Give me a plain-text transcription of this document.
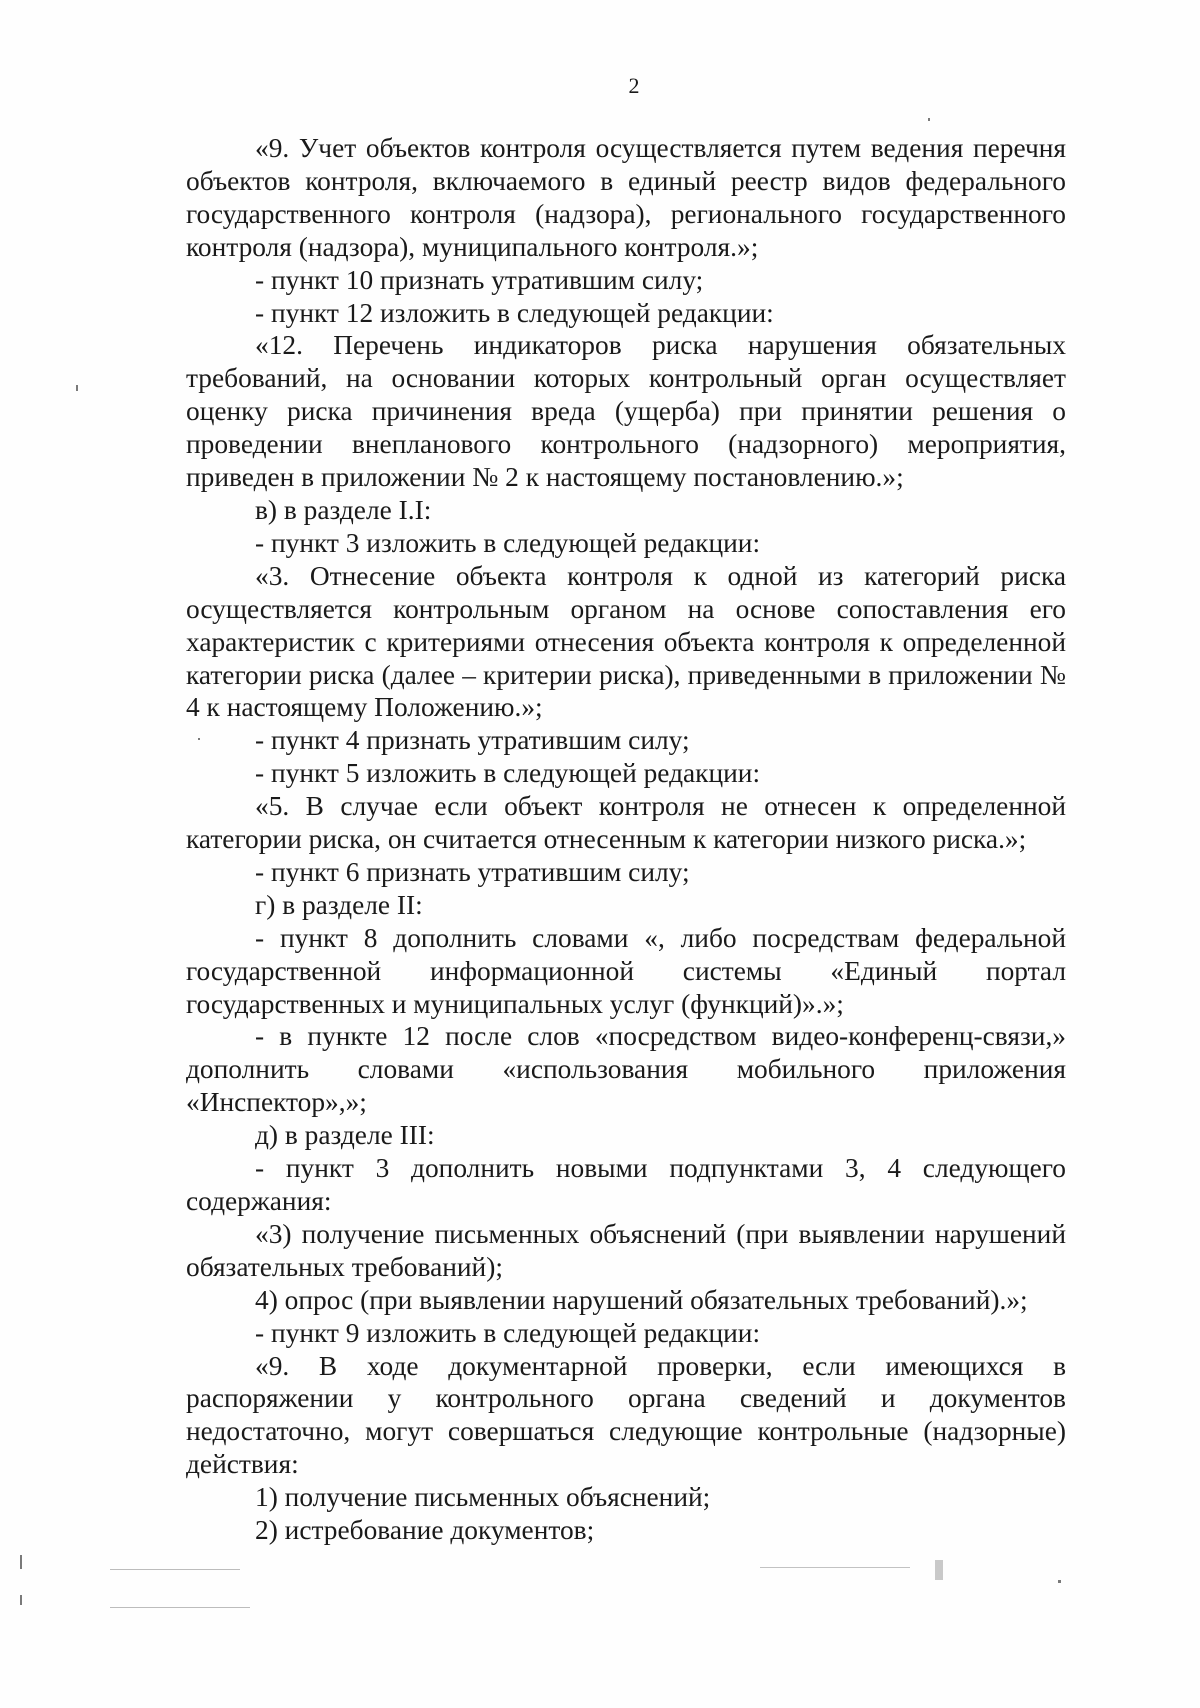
2

«9. Учет объектов контроля осуществляется путем ведения перечня объектов контроля, включаемого в единый реестр видов федерального государственного контроля (надзора), регионального государственного контроля (надзора), муниципального контроля.»;

- пункт 10 признать утратившим силу;

- пункт 12 изложить в следующей редакции:

«12. Перечень индикаторов риска нарушения обязательных требований, на основании которых контрольный орган осуществляет оценку риска причинения вреда (ущерба) при принятии решения о проведении внепланового контрольного (надзорного) мероприятия, приведен в приложении № 2 к настоящему постановлению.»;

в) в разделе I.I:

- пункт 3 изложить в следующей редакции:

«3. Отнесение объекта контроля к одной из категорий риска осуществляется контрольным органом на основе сопоставления его характеристик с критериями отнесения объекта контроля к определенной категории риска (далее – критерии риска), приведенными в приложении № 4 к настоящему Положению.»;

- пункт 4 признать утратившим силу;

- пункт 5 изложить в следующей редакции:

«5. В случае если объект контроля не отнесен к определенной категории риска, он считается отнесенным к категории низкого риска.»;

- пункт 6 признать утратившим силу;

г) в разделе II:

- пункт 8 дополнить словами «, либо посредствам федеральной государственной информационной системы «Единый портал государственных и муниципальных услуг (функций)».»;

- в пункте 12 после слов «посредством видео-конференц-связи,» дополнить словами «использования мобильного приложения «Инспектор»,»;

д) в разделе III:

- пункт 3 дополнить новыми подпунктами 3, 4 следующего содержания:

«3) получение письменных объяснений (при выявлении нарушений обязательных требований);

4) опрос (при выявлении нарушений обязательных требований).»;

- пункт 9 изложить в следующей редакции:

«9. В ходе документарной проверки, если имеющихся в распоряжении у контрольного органа сведений и документов недостаточно, могут совершаться следующие контрольные (надзорные) действия:

1) получение письменных объяснений;

2) истребование документов;
